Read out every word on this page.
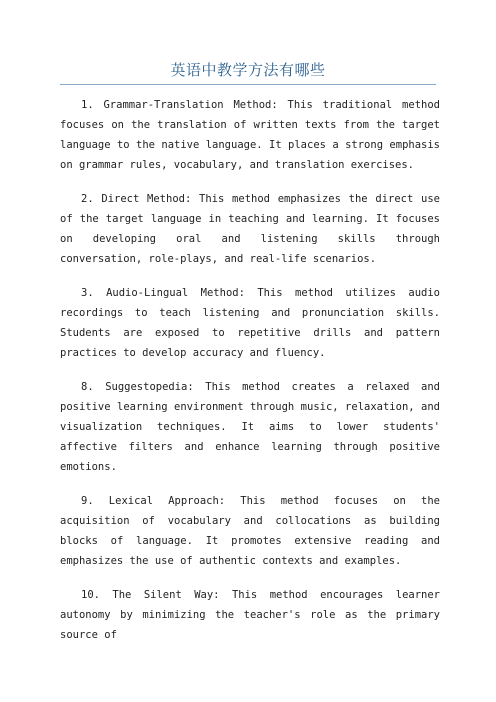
英语中教学方法有哪些

1. Grammar-Translation Method: This traditional method focuses on the translation of written texts from the target language to the native language. It places a strong emphasis on grammar rules, vocabulary, and translation exercises.

2. Direct Method: This method emphasizes the direct use of the target language in teaching and learning. It focuses on developing oral and listening skills through conversation, role-plays, and real-life scenarios.

3. Audio-Lingual Method: This method utilizes audio recordings to teach listening and pronunciation skills. Students are exposed to repetitive drills and pattern practices to develop accuracy and fluency.

8. Suggestopedia: This method creates a relaxed and positive learning environment through music, relaxation, and visualization techniques. It aims to lower students' affective filters and enhance learning through positive emotions.

9. Lexical Approach: This method focuses on the acquisition of vocabulary and collocations as building blocks of language. It promotes extensive reading and emphasizes the use of authentic contexts and examples.

10. The Silent Way: This method encourages learner autonomy by minimizing the teacher's role as the primary source of
